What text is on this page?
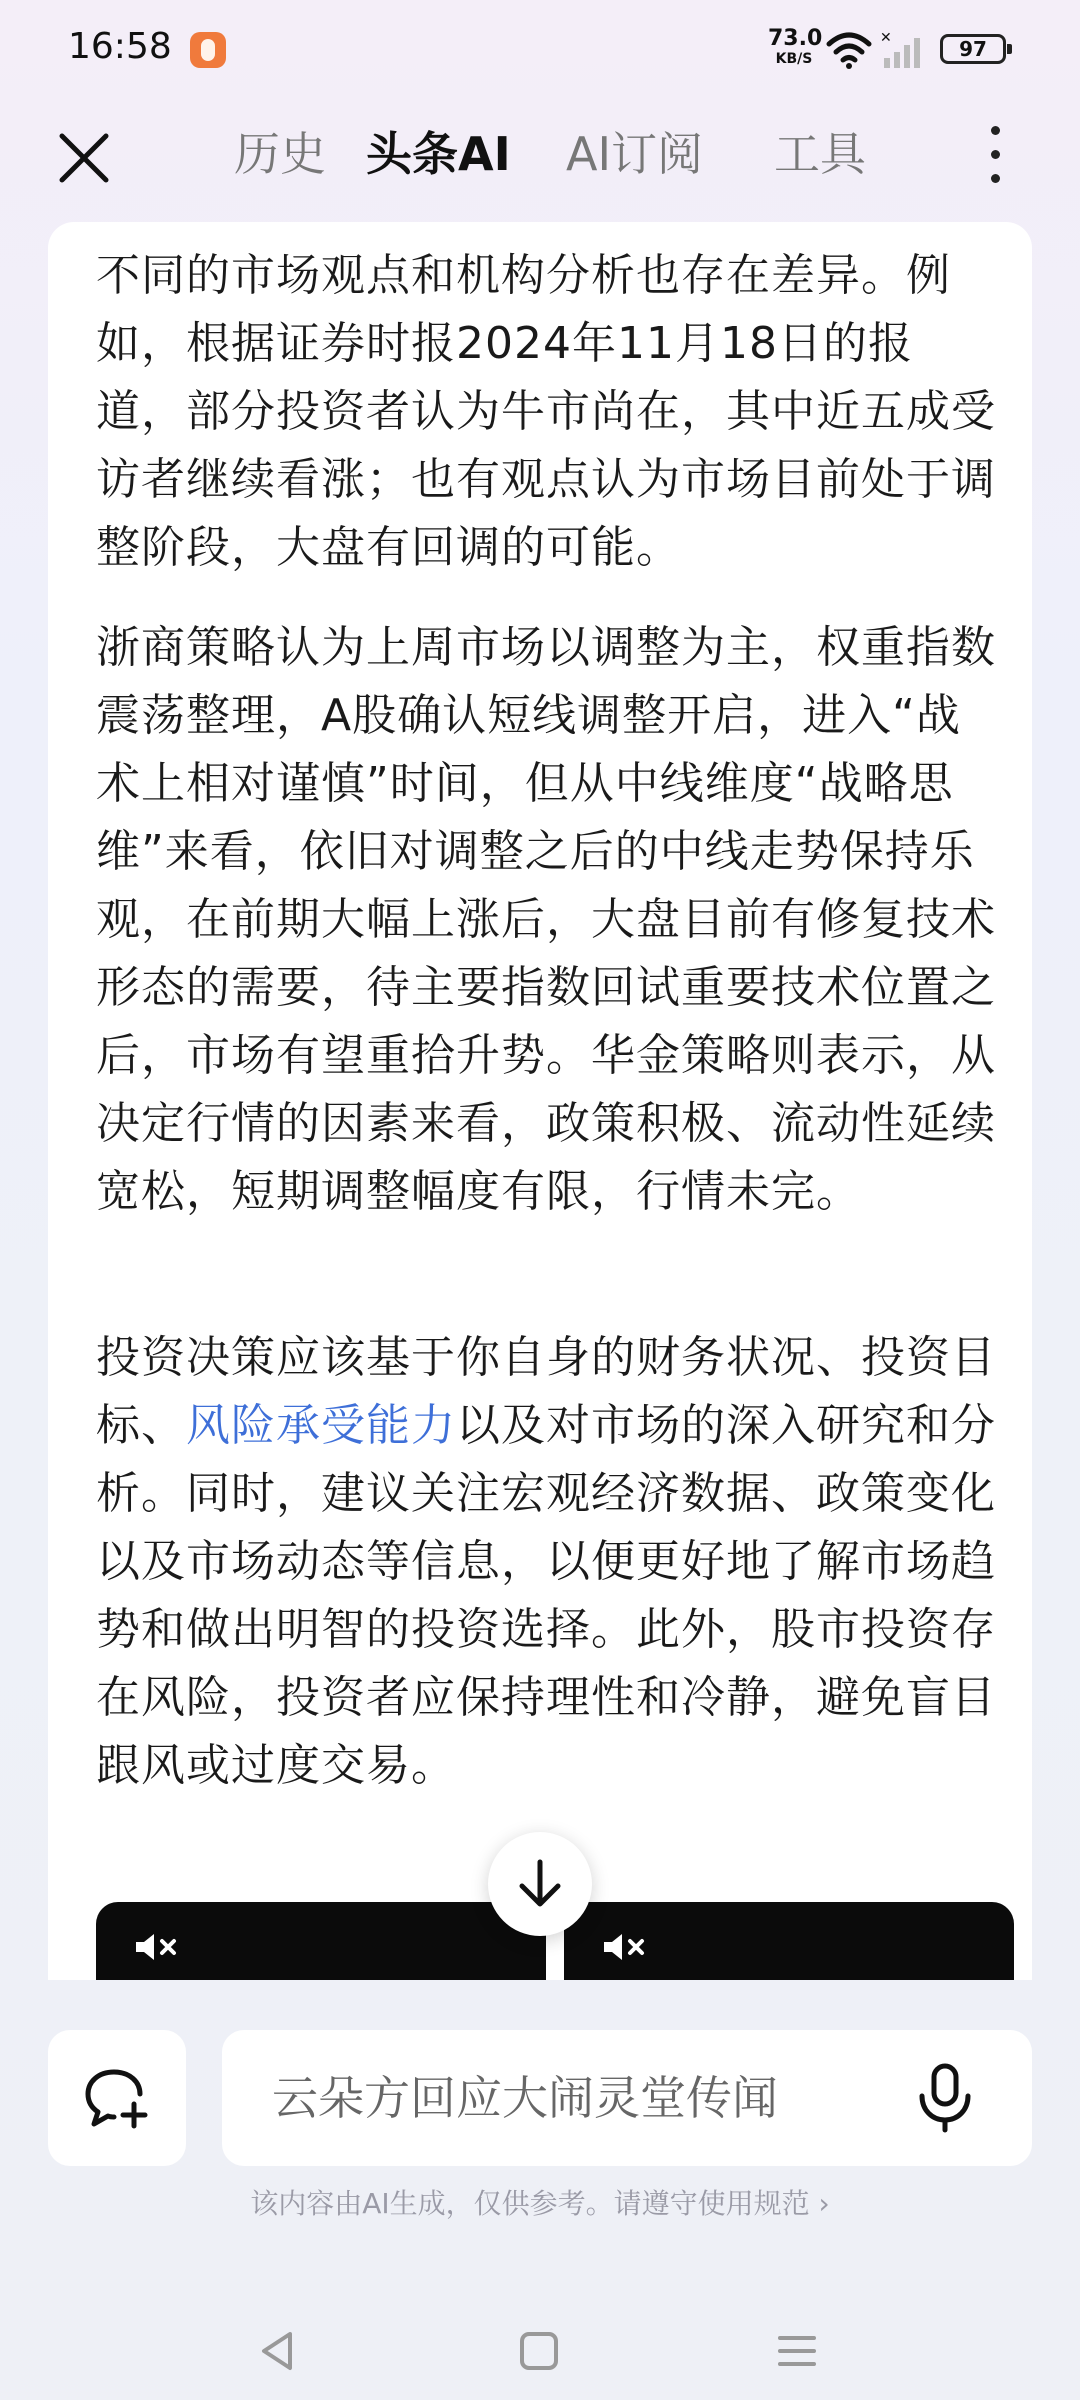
16:58	73.0
KB/S
✕	97
历史 头条AI AI订阅 工具

不同的市场观点和机构分析也存在差异。例如，根据证券时报2024年11月18日的报道，部分投资者认为牛市尚在，其中近五成受访者继续看涨；也有观点认为市场目前处于调整阶段，大盘有回调的可能。

浙商策略认为上周市场以调整为主，权重指数震荡整理，A股确认短线调整开启，进入“战术上相对谨慎”时间，但从中线维度“战略思维”来看，依旧对调整之后的中线走势保持乐观，在前期大幅上涨后，大盘目前有修复技术形态的需要，待主要指数回试重要技术位置之后，市场有望重拾升势。华金策略则表示，从决定行情的因素来看，政策积极、流动性延续宽松，短期调整幅度有限，行情未完。

投资决策应该基于你自身的财务状况、投资目标、风险承受能力以及对市场的深入研究和分析。同时，建议关注宏观经济数据、政策变化以及市场动态等信息，以便更好地了解市场趋势和做出明智的投资选择。此外，股市投资存在风险，投资者应保持理性和冷静，避免盲目跟风或过度交易。

云朵方回应大闹灵堂传闻
该内容由AI生成，仅供参考。请遵守使用规范 ›
